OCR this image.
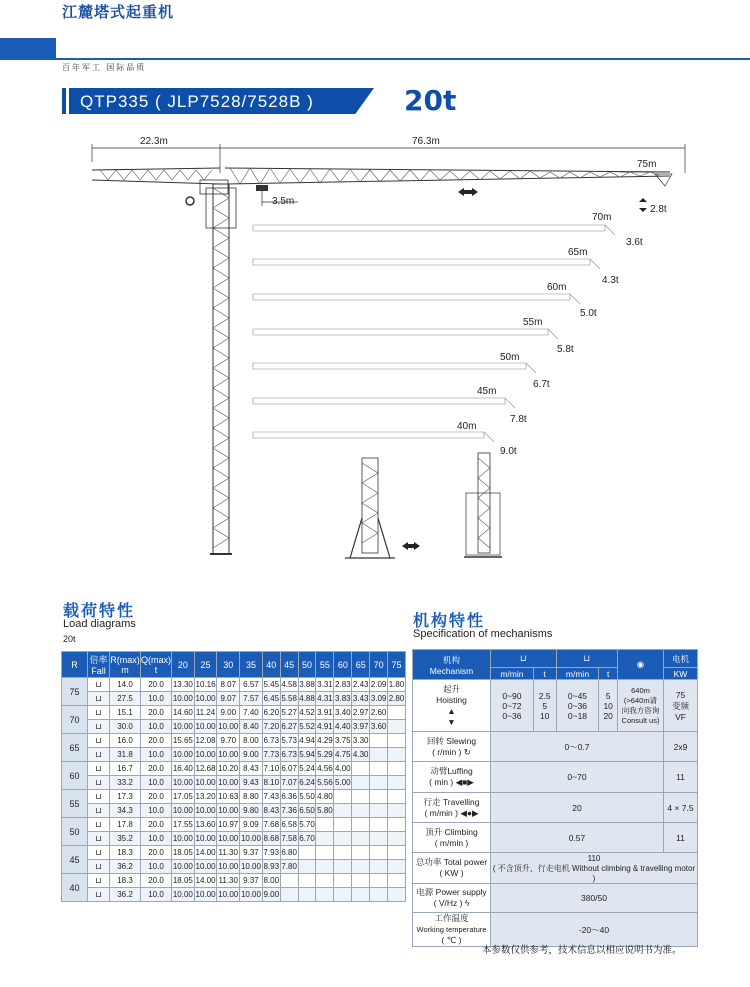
江麓塔式起重机
百年军工 国际品质
QTP335 ( JLP7528/7528B )	20t
22.3m	76.3m
75m
2.8t
3.5m
70m
3.6t
65m
4.3t
60m
5.0t
55m
5.8t
50m
6.7t
45m
7.8t
40m
9.0t
载荷特性
Load diagrams
20t
机构特性
Specification of mechanisms
R	倍率 Fall	R(max) m	Q(max) t	20	25	30	35	40	45	50	55	60	65	70	75
75	⊔	14.0	20.0	13.30	10.16	8.07	6.57	5.45	4.58	3.88	3.31	2.83	2.43	2.09	1.80
	⊔	27.5	10.0	10.00	10.00	9.07	7.57	6.45	5.58	4.88	4.31	3.83	3.43	3.09	2.80
70	⊔	15.1	20.0	14.60	11.24	9.00	7.40	6.20	5.27	4.52	3.91	3.40	2.97	2.60	
	⊔	30.0	10.0	10.00	10.00	10.00	8.40	7.20	6.27	5.52	4.91	4.40	3.97	3.60	
65	⊔	16.0	20.0	15.65	12.08	9.70	8.00	6.73	5.73	4.94	4.29	3.75	3.30		
	⊔	31.8	10.0	10.00	10.00	10.00	9.00	7.73	6.73	5.94	5.29	4.75	4.30		
60	⊔	16.7	20.0	16.40	12.68	10.20	8.43	7.10	6.07	5.24	4.56	4.00			
	⊔	33.2	10.0	10.00	10.00	10.00	9.43	8.10	7.07	6.24	5.56	5.00			
55	⊔	17.3	20.0	17.05	13.20	10.63	8.80	7.43	6.36	5.50	4.80				
	⊔	34.3	10.0	10.00	10.00	10.00	9.80	8.43	7.36	6.50	5.80				
50	⊔	17.8	20.0	17.55	13.60	10.97	9.09	7.68	6.58	5.70					
	⊔	35.2	10.0	10.00	10.00	10.00	10.00	8.68	7.58	6.70					
45	⊔	18.3	20.0	18.05	14.00	11.30	9.37	7.93	6.80						
	⊔	36.2	10.0	10.00	10.00	10.00	10.00	8.93	7.80						
40	⊔	18.3	20.0	18.05	14.00	11.30	9.37	8.00							
	⊔	36.2	10.0	10.00	10.00	10.00	10.00	9.00							
机构
Mechanism	⊔		⊔		◉	电机
	m/min	t	m/min	t		KW
起升
Hoisting
▲
▼	0~90
0~72
0~36	2.5
5
10	0~45
0~36
0~18	5
10
20	640m
(>640m请
向我方咨询
Consult us)	75
变频
VF
回转 Slewing
( r/min ) ↻	0～0.7					2x9
动臂Luffing
( min ) ◀■▶	0~70					11
行走 Travelling
( m/min ) ◀●▶	20					4 × 7.5
顶升 Climbing
( m/min )	0.57					11
总功率 Total power
( KW )	110
( 不含顶升、行走电机 Without climbing & travelling motor )					
电源 Power supply
( V/Hz ) ϟ	380/50					
工作温度
Working temperature
( ℃ )	-20～40					
本参数仅供参考，技术信息以相应说明书为准。
